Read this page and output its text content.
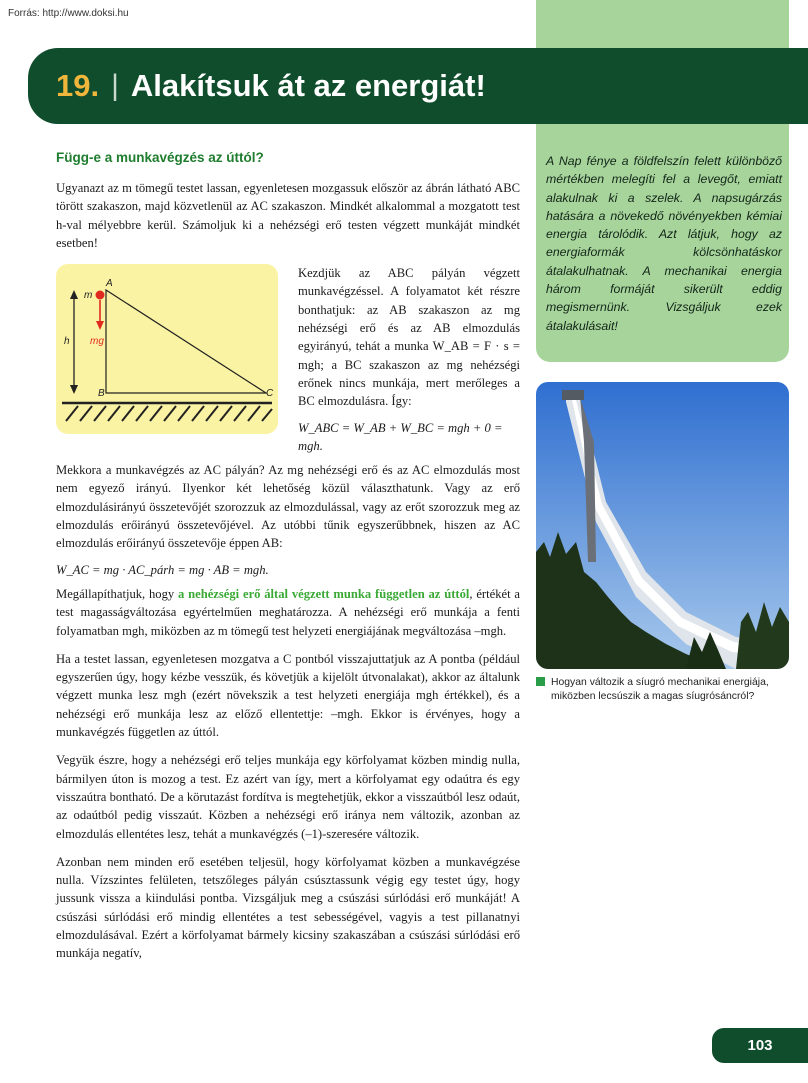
Forrás: http://www.doksi.hu
19. | Alakítsuk át az energiát!
A Nap fénye a földfelszín felett különböző mértékben melegíti fel a levegőt, emiatt alakulnak ki a szelek. A napsugárzás hatására a növekedő növényekben kémiai energia tárolódik. Azt látjuk, hogy az energiaformák kölcsönhatáskor átalakulhatnak. A mechanikai energia három formáját sikerült eddig megismernünk. Vizsgáljuk ezek átalakulásait!
Hogyan változik a síugró mechanikai energiája, miközben lecsúszik a magas síugrósáncról?
Függ-e a munkavégzés az úttól?

Ugyanazt az m tömegű testet lassan, egyenletesen mozgassuk először az ábrán látható ABC törött szakaszon, majd közvetlenül az AC szakaszon. Mindkét alkalommal a mozgatott test h-val mélyebbre kerül. Számoljuk ki a nehézségi erő testen végzett munkáját mindkét esetben!

A
m
h mg
B	C

Kezdjük az ABC pályán végzett munkavégzéssel. A folyamatot két részre bonthatjuk: az AB szakaszon az mg nehézségi erő és az AB elmozdulás egyirányú, tehát a munka W_AB = F · s = mgh; a BC szakaszon az mg nehézségi erőnek nincs munkája, mert merőleges a BC elmozdulásra. Így:

W_ABC = W_AB + W_BC = mgh + 0 = mgh.

Mekkora a munkavégzés az AC pályán? Az mg nehézségi erő és az AC elmozdulás most nem egyező irányú. Ilyenkor két lehetőség közül választhatunk. Vagy az erő elmozdulásirányú összetevőjét szorozzuk az elmozdulással, vagy az erőt szorozzuk meg az elmozdulás erőirányú összetevőjével. Az utóbbi tűnik egyszerűbbnek, hiszen az AC elmozdulás erőirányú összetevője éppen AB:

W_AC = mg · AC_párh = mg · AB = mgh.

Megállapíthatjuk, hogy a nehézségi erő által végzett munka független az úttól, értékét a test magasságváltozása egyértelműen meghatározza. A nehézségi erő munkája a fenti folyamatban mgh, miközben az m tömegű test helyzeti energiájának megváltozása –mgh.

Ha a testet lassan, egyenletesen mozgatva a C pontból visszajuttatjuk az A pontba (például egyszerűen úgy, hogy kézbe vesszük, és követjük a kijelölt útvonalakat), akkor az általunk végzett munka lesz mgh (ezért növekszik a test helyzeti energiája mgh értékkel), és a nehézségi erő munkája lesz az előző ellentettje: –mgh. Ekkor is érvényes, hogy a munkavégzés független az úttól.

Vegyük észre, hogy a nehézségi erő teljes munkája egy körfolyamat közben mindig nulla, bármilyen úton is mozog a test. Ez azért van így, mert a körfolyamat egy odaútra és egy visszaútra bontható. De a körutazást fordítva is megtehetjük, ekkor a visszaútból lesz odaút, az odaútból pedig visszaút. Közben a nehézségi erő iránya nem változik, azonban az elmozdulás ellentétes lesz, tehát a munkavégzés (–1)-szeresére változik.

Azonban nem minden erő esetében teljesül, hogy körfolyamat közben a munkavégzése nulla. Vízszintes felületen, tetszőleges pályán csúsztassunk végig egy testet úgy, hogy jussunk vissza a kiindulási pontba. Vizsgáljuk meg a csúszási súrlódási erő munkáját! A csúszási súrlódási erő mindig ellentétes a test sebességével, vagyis a test pillanatnyi elmozdulásával. Ezért a körfolyamat bármely kicsiny szakaszában a csúszási súrlódási erő munkája negatív,

103
